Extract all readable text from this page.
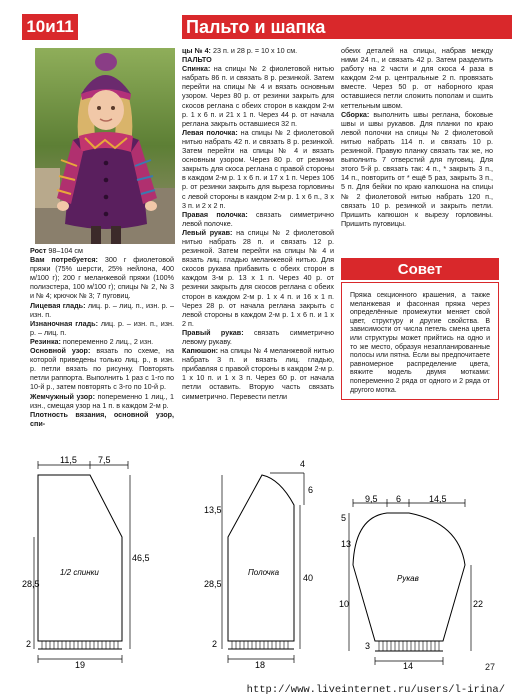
10и11	Пальто и шапка

Рост 98–104 см

Вам потребуется: 300 г фиолетовой пряжи (75% шерсти, 25% нейлона, 400 м/100 г); 200 г меланжевой пряжи (100% полиэстера, 100 м/100 г); спицы № 2, № 3 и № 4; крючок № 3; 7 пуговиц.

Лицевая гладь: лиц. р. – лиц. п., изн. р. – изн. п.

Изнаночная гладь: лиц. р. – изн. п., изн. р. – лиц. п.

Резинка: попеременно 2 лиц., 2 изн.

Основной узор: вязать по схеме, на которой приведены только лиц. р., в изн. р. петли вязать по рисунку. Повторять петли раппорта. Выполнить 1 раз с 1-го по 10-й р., затем повторять с 3-го по 10-й р.

Жемчужный узор: попеременно 1 лиц., 1 изн., смещая узор на 1 п. в каждом 2-м р.

Плотность вязания, основной узор, спи-

цы № 4: 23 п. и 28 р. = 10 x 10 см.

ПАЛЬТО

Спинка: на спицы № 2 фиолетовой нитью набрать 86 п. и связать 8 р. резинкой. Затем перейти на спицы № 4 и вязать основным узором. Через 80 р. от резинки закрыть для скосов регланa с обеих сторон в каждом 2-м р. 1 x 6 п. и 21 x 1 п. Через 44 р. от начала реглана закрыть оставшиеся 32 п.

Левая полочка: на спицы № 2 фиолетовой нитью набрать 42 п. и связать 8 р. резинкой. Затем перейти на спицы № 4 и вязать основным узором. Через 80 р. от резинки закрыть для скоса реглана с правой стороны в каждом 2-м р. 1 x 6 п. и 17 x 1 п. Через 106 р. от резинки закрыть для выреза горловины с левой стороны в каждом 2-м р. 1 x 6 п., 3 x 3 п. и 2 x 2 п.

Правая полочка: связать симметрично левой полочке.

Левый рукав: на спицы № 2 фиолетовой нитью набрать 28 п. и связать 12 р. резинкой. Затем перейти на спицы № 4 и вязать лиц. гладью меланжевой нитью. Для скосов рукава прибавить с обеих сторон в каждом 3-м р. 13 x 1 п. Через 40 р. от резинки закрыть для скосов реглана с обеих сторон в каждом 2-м р. 1 x 4 п. и 16 x 1 п. Через 28 р. от начала реглана закрыть с левой стороны в каждом 2-м р. 1 x 6 п. и 1 x 2 п.

Правый рукав: связать симметрично левому рукаву.

Капюшон: на спицы № 4 меланжевой нитью набрать 3 п. и вязать лиц. гладью, прибавляя с правой стороны в каждом 2-м р. 1 x 10 п. и 1 x 3 п. Через 60 р. от начала петли оставить. Вторую часть связать симметрично. Перевести петли

обеих деталей на спицы, набрав между ними 24 п., и связать 42 р. Затем разделить работу на 2 части и для скоса 4 раза в каждом 2-м р. центральные 2 п. провязать вместе. Через 50 р. от наборного края оставшиеся петли сложить пополам и сшить кеттельным швом.

Сборка: выполнить швы реглана, боковые швы и швы рукавов. Для планки по краю левой полочки на спицы № 2 фиолетовой нитью набрать 114 п. и связать 10 р. резинкой. Правую планку связать так же, но выполнить 7 отверстий для пуговиц. Для этого 5-й р. связать так: 4 п., * закрыть 3 п., 14 п., повторить от * ещё 5 раз, закрыть 3 п., 5 п. Для бейки по краю капюшона на спицы № 2 фиолетовой нитью набрать 120 п., связать 10 р. резинкой и закрыть петли. Пришить капюшон к вырезу горловины. Пришить пуговицы.

Совет
Пряжа секционного крашения, а также меланжевая и фасонная пряжа через определённые промежутки меняет свой цвет, структуру и другие свойства. В зависимости от числа петель смена цвета или структуры может прийтись на одно и то же место, образуя незапланированные полосы или пятна. Если вы предпочитаете равномерное распределение цвета, вяжите модель двумя мотками: попеременно 2 ряда от одного и 2 ряда от другого мотка.
11,5 7,5
46,5
28,5
2
19
1/2 спинки
4
6
13,5
28,5
2
40
18
Полочка
9,5 6	14,5
5
13
10
3
22
14
Рукав
27
http://www.liveinternet.ru/users/l-irina/
